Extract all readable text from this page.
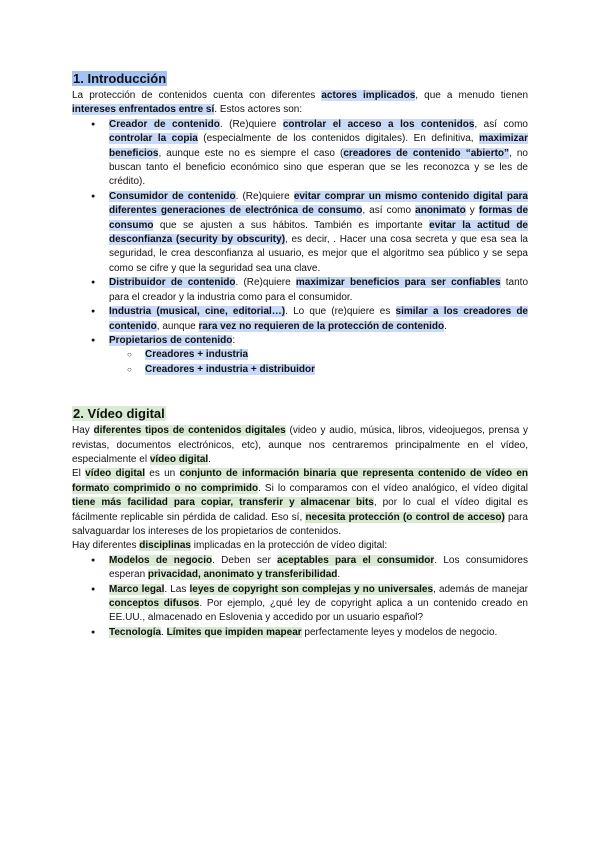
1. Introducción

La protección de contenidos cuenta con diferentes actores implicados, que a menudo tienen intereses enfrentados entre sí. Estos actores son:

● Creador de contenido. (Re)quiere controlar el acceso a los contenidos, así como controlar la copia (especialmente de los contenidos digitales). En definitiva, maximizar beneficios, aunque este no es siempre el caso (creadores de contenido “abierto”, no buscan tanto el beneficio económico sino que esperan que se les reconozca y se les de crédito).
● Consumidor de contenido. (Re)quiere evitar comprar un mismo contenido digital para diferentes generaciones de electrónica de consumo, así como anonimato y formas de consumo que se ajusten a sus hábitos. También es importante evitar la actitud de desconfianza (security by obscurity), es decir, . Hacer una cosa secreta y que esa sea la seguridad, le crea desconfianza al usuario, es mejor que el algoritmo sea público y se sepa como se cifre y que la seguridad sea una clave.
● Distribuidor de contenido. (Re)quiere maximizar beneficios para ser confiables tanto para el creador y la industria como para el consumidor.
● Industria (musical, cine, editorial…). Lo que (re)quiere es similar a los creadores de contenido, aunque rara vez no requieren de la protección de contenido.
● Propietarios de contenido:
○ Creadores + industria
○ Creadores + industria + distribuidor
2. Vídeo digital

Hay diferentes tipos de contenidos digitales (video y audio, música, libros, videojuegos, prensa y revistas, documentos electrónicos, etc), aunque nos centraremos principalmente en el vídeo, especialmente el vídeo digital.

El vídeo digital es un conjunto de información binaria que representa contenido de vídeo en formato comprimido o no comprimido. Si lo comparamos con el vídeo analógico, el vídeo digital tiene más facilidad para copiar, transferir y almacenar bits, por lo cual el vídeo digital es fácilmente replicable sin pérdida de calidad. Eso sí, necesita protección (o control de acceso) para salvaguardar los intereses de los propietarios de contenidos.

Hay diferentes disciplinas implicadas en la protección de vídeo digital:

● Modelos de negocio. Deben ser aceptables para el consumidor. Los consumidores esperan privacidad, anonimato y transferibilidad.
● Marco legal. Las leyes de copyright son complejas y no universales, además de manejar conceptos difusos. Por ejemplo, ¿qué ley de copyright aplica a un contenido creado en EE.UU., almacenado en Eslovenia y accedido por un usuario español?
● Tecnología. Límites que impiden mapear perfectamente leyes y modelos de negocio.
